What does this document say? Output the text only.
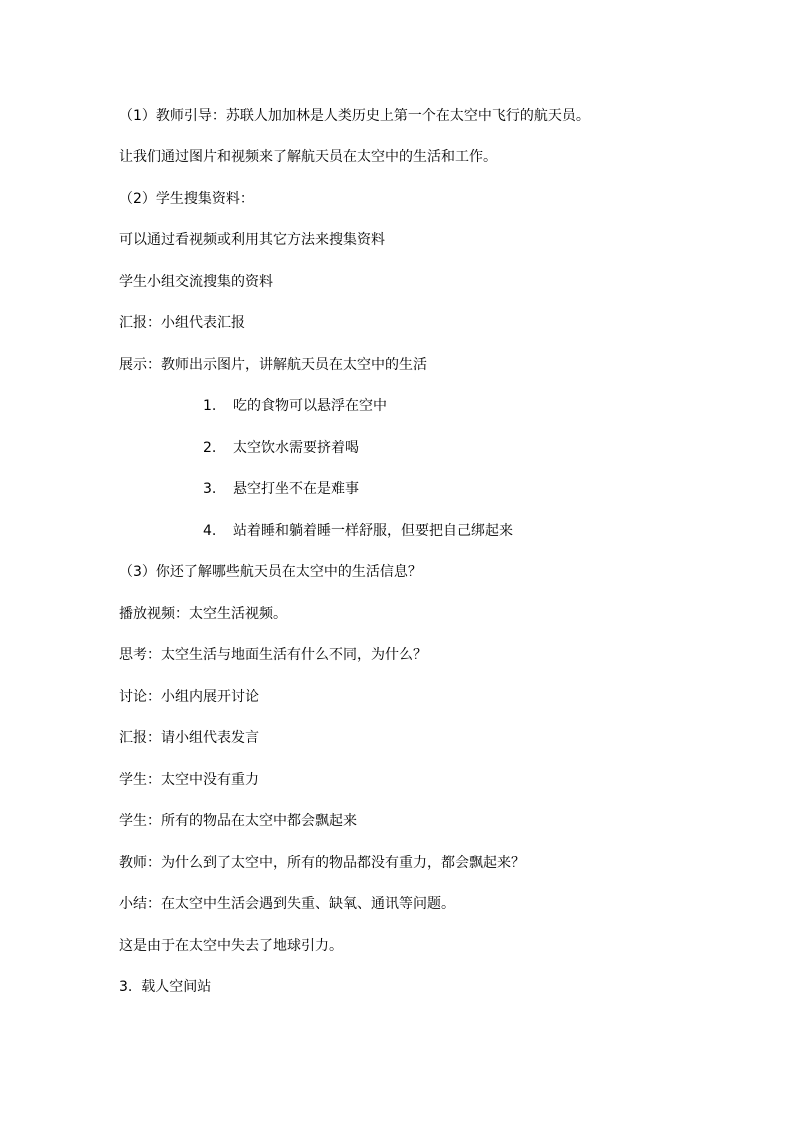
（1）教师引导：苏联人加加林是人类历史上第一个在太空中飞行的航天员。
让我们通过图片和视频来了解航天员在太空中的生活和工作。
（2）学生搜集资料：
可以通过看视频或利用其它方法来搜集资料
学生小组交流搜集的资料
汇报：小组代表汇报
展示：教师出示图片，讲解航天员在太空中的生活
1. 吃的食物可以悬浮在空中
2. 太空饮水需要挤着喝
3. 悬空打坐不在是难事
4. 站着睡和躺着睡一样舒服，但要把自己绑起来
（3）你还了解哪些航天员在太空中的生活信息？
播放视频：太空生活视频。
思考：太空生活与地面生活有什么不同，为什么？
讨论：小组内展开讨论
汇报：请小组代表发言
学生：太空中没有重力
学生：所有的物品在太空中都会飘起来
教师：为什么到了太空中，所有的物品都没有重力，都会飘起来？
小结：在太空中生活会遇到失重、缺氧、通讯等问题。
这是由于在太空中失去了地球引力。
3.  载人空间站
